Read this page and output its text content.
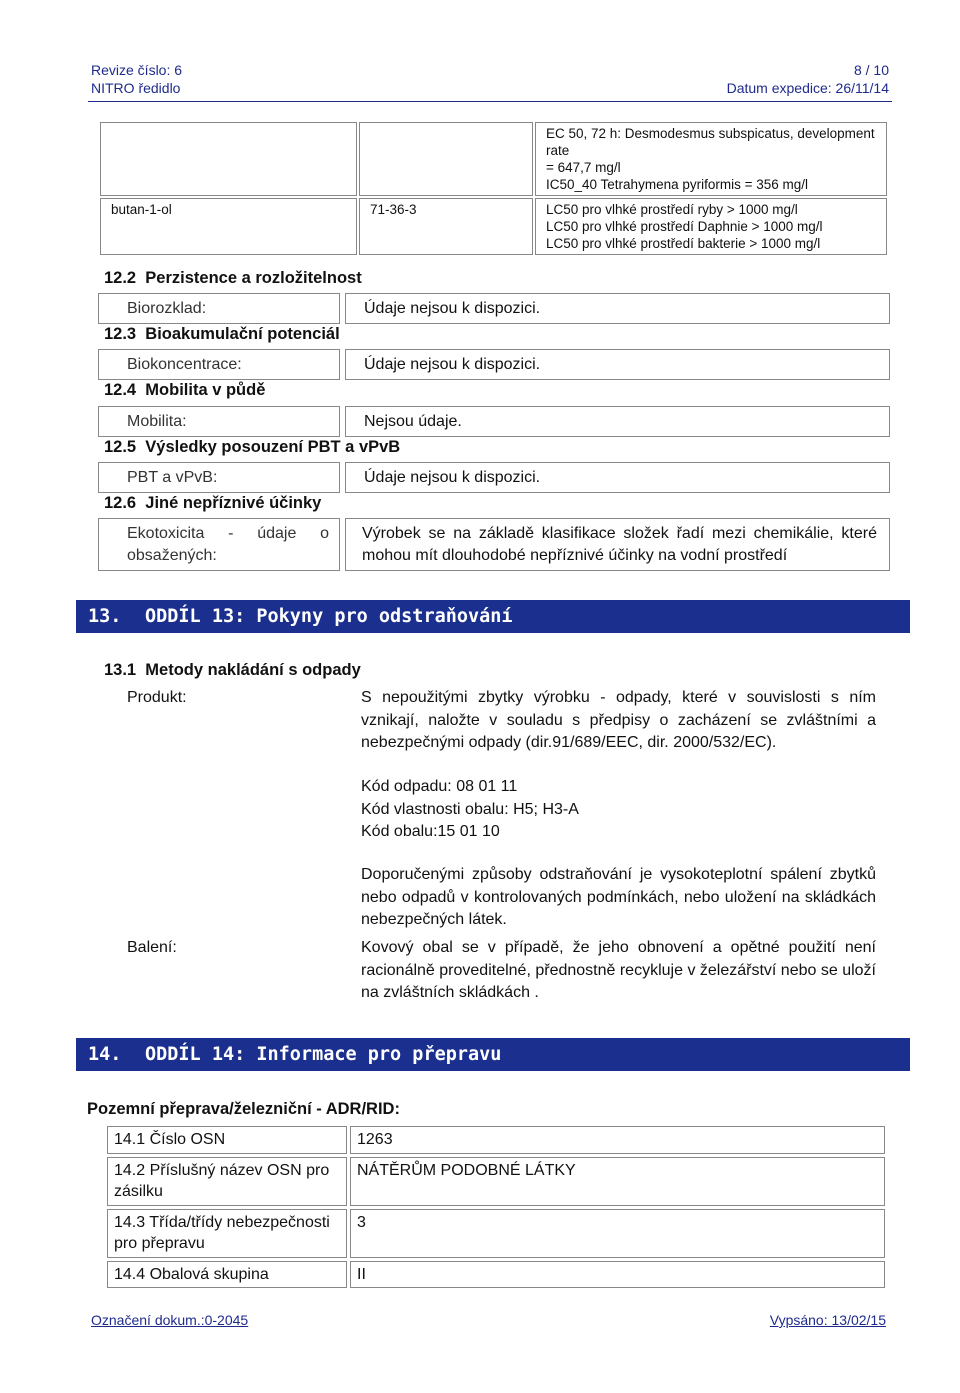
Revize číslo: 6
NITRO ředidlo
8 / 10
Datum expedice: 26/11/14

		EC 50, 72 h: Desmodesmus subspicatus, development rate
= 647,7 mg/l
IC50_40 Tetrahymena pyriformis = 356 mg/l

butan-1-ol	71-36-3	LC50 pro vlhké prostředí ryby > 1000 mg/l
LC50 pro vlhké prostředí Daphnie > 1000 mg/l
LC50 pro vlhké prostředí bakterie > 1000 mg/l
12.2 Perzistence a rozložitelnost
Biorozklad:	Údaje nejsou k dispozici.
12.3 Bioakumulační potenciál
Biokoncentrace:	Údaje nejsou k dispozici.
12.4 Mobilita v půdě
Mobilita:	Nejsou údaje.
12.5 Výsledky posouzení PBT a vPvB
PBT a vPvB:	Údaje nejsou k dispozici.
12.6 Jiné nepříznivé účinky
Ekotoxicita - údaje o obsažených:
Výrobek se na základě klasifikace složek řadí mezi chemikálie, které mohou mít dlouhodobé nepříznivé účinky na vodní prostředí
13. ODDÍL 13: Pokyny pro odstraňování
13.1 Metody nakládání s odpady
Produkt:	S nepoužitými zbytky výrobku - odpady, které v souvislosti s ním vznikají, naložte v souladu s předpisy o zacházení se zvláštními a nebezpečnými odpady (dir.91/689/EEC, dir. 2000/532/EC).
Kód odpadu: 08 01 11
Kód vlastnosti obalu: H5; H3-A
Kód obalu:15 01 10
Doporučenými způsoby odstraňování je vysokoteplotní spálení zbytků nebo odpadů v kontrolovaných podmínkách, nebo uložení na skládkách nebezpečných látek.
Balení:	Kovový obal se v případě, že jeho obnovení a opětné použití není racionálně proveditelné, přednostně recykluje v železářství nebo se uloží na zvláštních skládkách .
14. ODDÍL 14: Informace pro přepravu
Pozemní přeprava/železniční - ADR/RID:
14.1 Číslo OSN	1263
14.2 Příslušný název OSN pro zásilku	NÁTĚRŮM PODOBNÉ LÁTKY
14.3 Třída/třídy nebezpečnosti pro přepravu	3
14.4 Obalová skupina	II
Označení dokum.:0-2045	Vypsáno: 13/02/15
